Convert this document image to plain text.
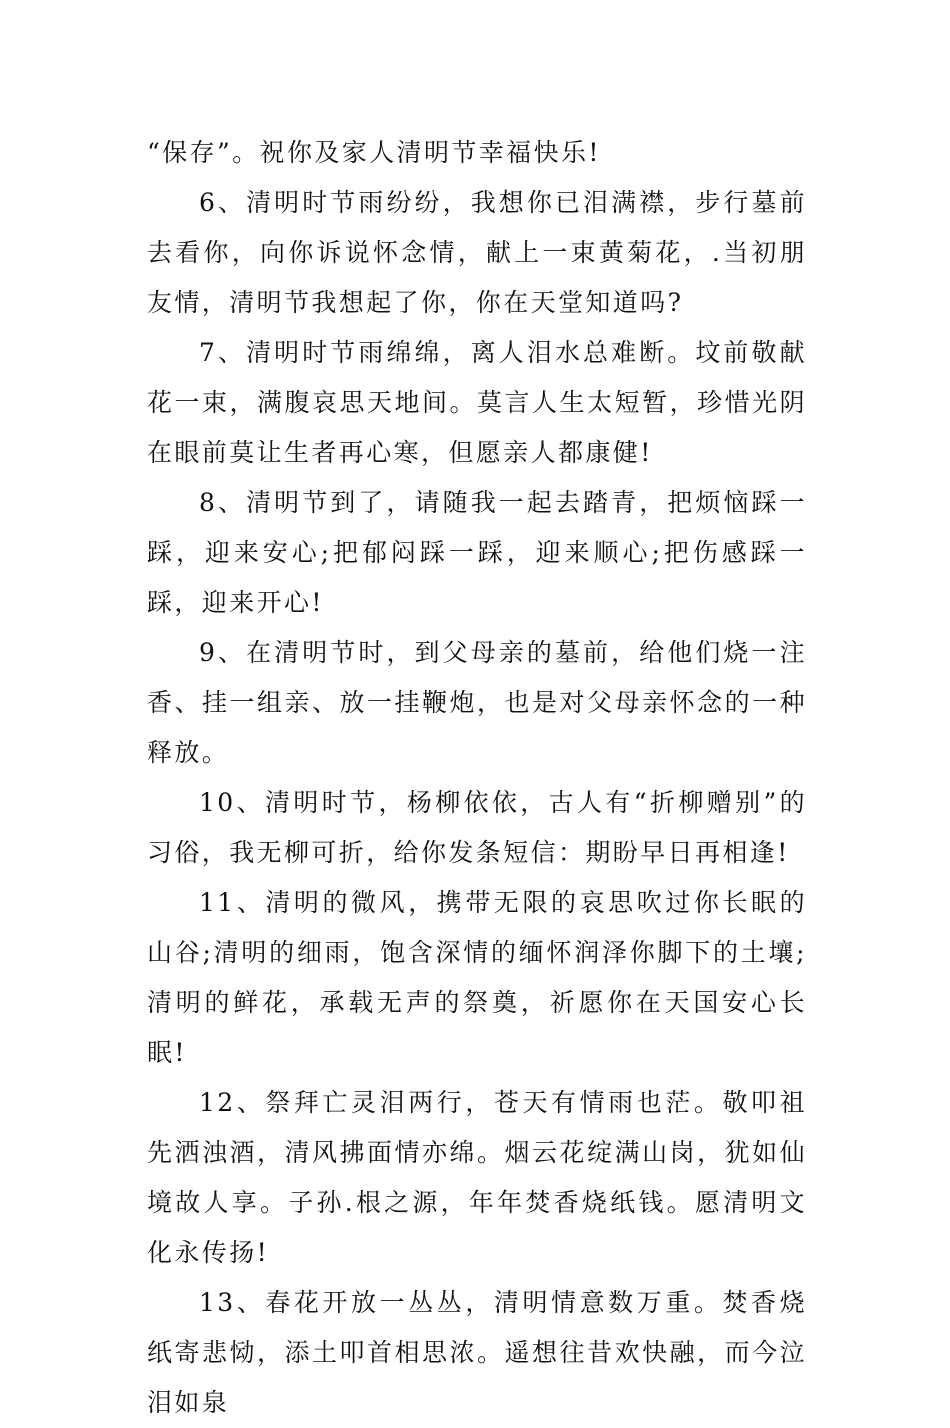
“保存”。祝你及家人清明节幸福快乐!

6、清明时节雨纷纷，我想你已泪满襟，步行墓前去看你，向你诉说怀念情，献上一束黄菊花，.当初朋友情，清明节我想起了你，你在天堂知道吗?

7、清明时节雨绵绵，离人泪水总难断。坟前敬献花一束，满腹哀思天地间。莫言人生太短暂，珍惜光阴在眼前莫让生者再心寒，但愿亲人都康健!

8、清明节到了，请随我一起去踏青，把烦恼踩一踩，迎来安心;把郁闷踩一踩，迎来顺心;把伤感踩一踩，迎来开心!

9、在清明节时，到父母亲的墓前，给他们烧一注香、挂一组亲、放一挂鞭炮，也是对父母亲怀念的一种释放。

10、清明时节，杨柳依依，古人有“折柳赠别”的习俗，我无柳可折，给你发条短信：期盼早日再相逢!

11、清明的微风，携带无限的哀思吹过你长眠的山谷;清明的细雨，饱含深情的缅怀润泽你脚下的土壤;清明的鲜花，承载无声的祭奠，祈愿你在天国安心长眠!

12、祭拜亡灵泪两行，苍天有情雨也茫。敬叩祖先洒浊酒，清风拂面情亦绵。烟云花绽满山岗，犹如仙境故人享。子孙.根之源，年年焚香烧纸钱。愿清明文化永传扬!

13、春花开放一丛丛，清明情意数万重。焚香烧纸寄悲恸，添土叩首相思浓。遥想往昔欢快融，而今泣泪如泉
